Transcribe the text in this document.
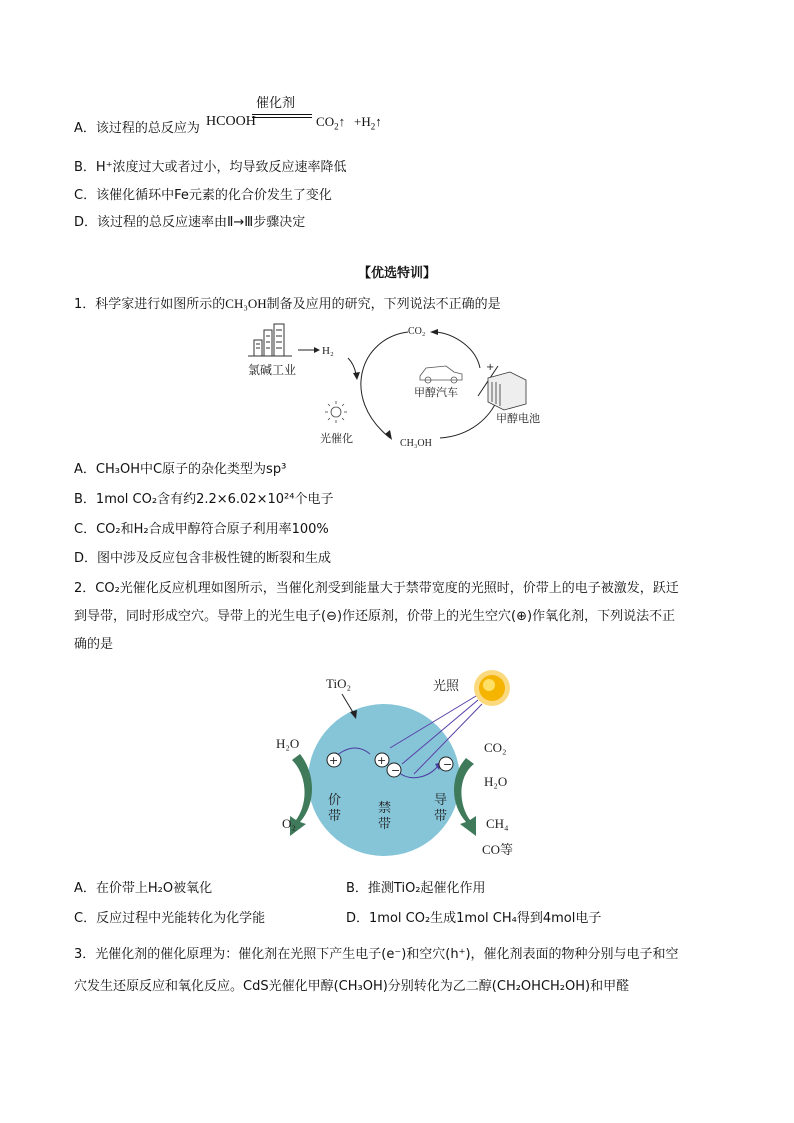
A．该过程的总反应为 HCOOH
催化剂
$CO_2↑$ $+H_2↑$
B．H⁺浓度过大或者过小，均导致反应速率降低
C．该催化循环中Fe元素的化合价发生了变化
D．该过程的总反应速率由Ⅱ→Ⅲ步骤决定
【优选特训】
1．科学家进行如图所示的CH₃OH制备及应用的研究，下列说法不正确的是
氯碱工业
H₂
CO₂
甲醇汽车
+
甲醇电池
光催化	CH₃OH
A．CH₃OH中C原子的杂化类型为sp³
B．1mol CO₂含有约2.2×6.02×10²⁴个电子
C．CO₂和H₂合成甲醇符合原子利用率100%
D．图中涉及反应包含非极性键的断裂和生成
2．CO₂光催化反应机理如图所示，当催化剂受到能量大于禁带宽度的光照时，价带上的电子被激发，跃迁
到导带，同时形成空穴。导带上的光生电子(⊖)作还原剂，价带上的光生空穴(⊕)作氧化剂，下列说法不正
确的是
TiO₂	光照
+	+
−	−
价
带
禁
带
导
带
H₂O
O₂
CO₂
H₂O
CH₄
CO等
A．在价带上H₂O被氧化	B．推测TiO₂起催化作用
C．反应过程中光能转化为化学能	D．1mol CO₂生成1mol CH₄得到4mol电子
3．光催化剂的催化原理为：催化剂在光照下产生电子(e⁻)和空穴(h⁺)，催化剂表面的物种分别与电子和空
穴发生还原反应和氧化反应。CdS光催化甲醇(CH₃OH)分别转化为乙二醇(CH₂OHCH₂OH)和甲醛
